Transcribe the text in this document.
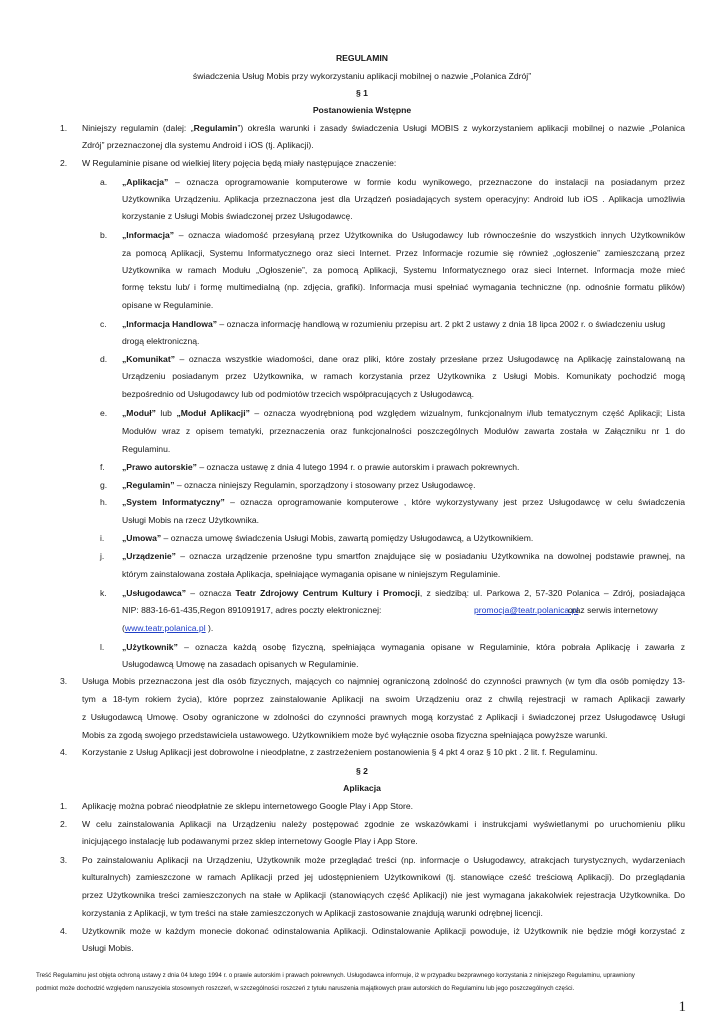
REGULAMIN
świadczenia Usług Mobis przy wykorzystaniu aplikacji mobilnej o nazwie „Polanica Zdrój”
§ 1
Postanowienia Wstępne
1. Niniejszy regulamin (dalej: „Regulamin”) określa warunki i zasady świadczenia Usługi MOBIS z wykorzystaniem aplikacji mobilnej o nazwie „Polanica
Zdrój” przeznaczonej dla systemu Android i iOS (tj. Aplikacji).
2. W Regulaminie pisane od wielkiej litery pojęcia będą miały następujące znaczenie:
a. „Aplikacja” – oznacza oprogramowanie komputerowe w formie kodu wynikowego, przeznaczone do instalacji na posiadanym przez
Użytkownika Urządzeniu. Aplikacja przeznaczona jest dla Urządzeń posiadających system operacyjny: Android lub iOS . Aplikacja umożliwia
korzystanie z Usługi Mobis świadczonej przez Usługodawcę.
b. „Informacja” – oznacza wiadomość przesyłaną przez Użytkownika do Usługodawcy lub równocześnie do wszystkich innych Użytkowników
za pomocą Aplikacji, Systemu Informatycznego oraz sieci Internet. Przez Informacje rozumie się również „ogłoszenie” zamieszczaną przez
Użytkownika w ramach Modułu „Ogłoszenie”, za pomocą Aplikacji, Systemu Informatycznego oraz sieci Internet. Informacja może mieć
formę tekstu lub/ i formę multimedialną (np. zdjęcia, grafiki). Informacja musi spełniać wymagania techniczne (np. odnośnie formatu plików)
opisane w Regulaminie.
c. „Informacja Handlowa” – oznacza informację handlową w rozumieniu przepisu art. 2 pkt 2 ustawy z dnia 18 lipca 2002 r. o świadczeniu usług
drogą elektroniczną.
d. „Komunikat” – oznacza wszystkie wiadomości, dane oraz pliki, które zostały przesłane przez Usługodawcę na Aplikację zainstalowaną na
Urządzeniu posiadanym przez Użytkownika, w ramach korzystania przez Użytkownika z Usługi Mobis. Komunikaty pochodzić mogą
bezpośrednio od Usługodawcy lub od podmiotów trzecich współpracujących z Usługodawcą.
e. „Moduł” lub „Moduł Aplikacji” – oznacza wyodrębnioną pod względem wizualnym, funkcjonalnym i/lub tematycznym część Aplikacji; Lista
Modułów wraz z opisem tematyki, przeznaczenia oraz funkcjonalności poszczególnych Modułów zawarta została w Załączniku nr 1 do
Regulaminu.
f. „Prawo autorskie” – oznacza ustawę z dnia 4 lutego 1994 r. o prawie autorskim i prawach pokrewnych.
g. „Regulamin” – oznacza niniejszy Regulamin, sporządzony i stosowany przez Usługodawcę.
h. „System Informatyczny” – oznacza oprogramowanie komputerowe , które wykorzystywany jest przez Usługodawcę w celu świadczenia
Usługi Mobis na rzecz Użytkownika.
i. „Umowa” – oznacza umowę świadczenia Usługi Mobis, zawartą pomiędzy Usługodawcą, a Użytkownikiem.
j. „Urządzenie” – oznacza urządzenie przenośne typu smartfon znajdujące się w posiadaniu Użytkownika na dowolnej podstawie prawnej, na
którym zainstalowana została Aplikacja, spełniające wymagania opisane w niniejszym Regulaminie.
k. „Usługodawca” – oznacza Teatr Zdrojowy Centrum Kultury i Promocji, z siedzibą: ul. Parkowa 2, 57-320 Polanica – Zdrój, posiadająca
NIP: 883-16-61-435,Regon 891091917, adres poczty elektronicznej:	promocja@teatr.polanica.pl
oraz serwis internetowy
(www.teatr.polanica.pl ).
l. „Użytkownik” – oznacza każdą osobę fizyczną, spełniająca wymagania opisane w Regulaminie, która pobrała Aplikację i zawarła z
Usługodawcą Umowę na zasadach opisanych w Regulaminie.
3. Usługa Mobis przeznaczona jest dla osób fizycznych, mających co najmniej ograniczoną zdolność do czynności prawnych (w tym dla osób pomiędzy 13-
tym a 18-tym rokiem życia), które poprzez zainstalowanie Aplikacji na swoim Urządzeniu oraz z chwilą rejestracji w ramach Aplikacji zawarły
z Usługodawcą Umowę. Osoby ograniczone w zdolności do czynności prawnych mogą korzystać z Aplikacji i świadczonej przez Usługodawcę Usługi
Mobis za zgodą swojego przedstawiciela ustawowego. Użytkownikiem może być wyłącznie osoba fizyczna spełniająca powyższe warunki.
4. Korzystanie z Usług Aplikacji jest dobrowolne i nieodpłatne, z zastrzeżeniem postanowienia § 4 pkt 4 oraz § 10 pkt . 2 lit. f. Regulaminu.
§ 2
Aplikacja
1. Aplikację można pobrać nieodpłatnie ze sklepu internetowego Google Play i App Store.
2. W celu zainstalowania Aplikacji na Urządzeniu należy postępować zgodnie ze wskazówkami i instrukcjami wyświetlanymi po uruchomieniu pliku
inicjującego instalację lub podawanymi przez sklep internetowy Google Play i App Store.
3. Po zainstalowaniu Aplikacji na Urządzeniu, Użytkownik może przeglądać treści (np. informacje o Usługodawcy, atrakcjach turystycznych, wydarzeniach
kulturalnych) zamieszczone w ramach Aplikacji przed jej udostępnieniem Użytkownikowi (tj. stanowiące cześć treściową Aplikacji). Do przeglądania
przez Użytkownika treści zamieszczonych na stałe w Aplikacji (stanowiących część Aplikacji) nie jest wymagana jakakolwiek rejestracja Użytkownika. Do
korzystania z Aplikacji, w tym treści na stałe zamieszczonych w Aplikacji zastosowanie znajdują warunki odrębnej licencji.
4. Użytkownik może w każdym monecie dokonać odinstalowania Aplikacji. Odinstalowanie Aplikacji powoduje, iż Użytkownik nie będzie mógł korzystać z
Usługi Mobis.
Treść Regulaminu jest objęta ochroną ustawy z dnia 04 lutego 1994 r. o prawie autorskim i prawach pokrewnych. Usługodawca informuje, iż w przypadku bezprawnego korzystania z niniejszego Regulaminu, uprawniony
podmiot może dochodzić względem naruszyciela stosownych roszczeń, w szczególności roszczeń z tytułu naruszenia majątkowych praw autorskich do Regulaminu lub jego poszczególnych części.
1
